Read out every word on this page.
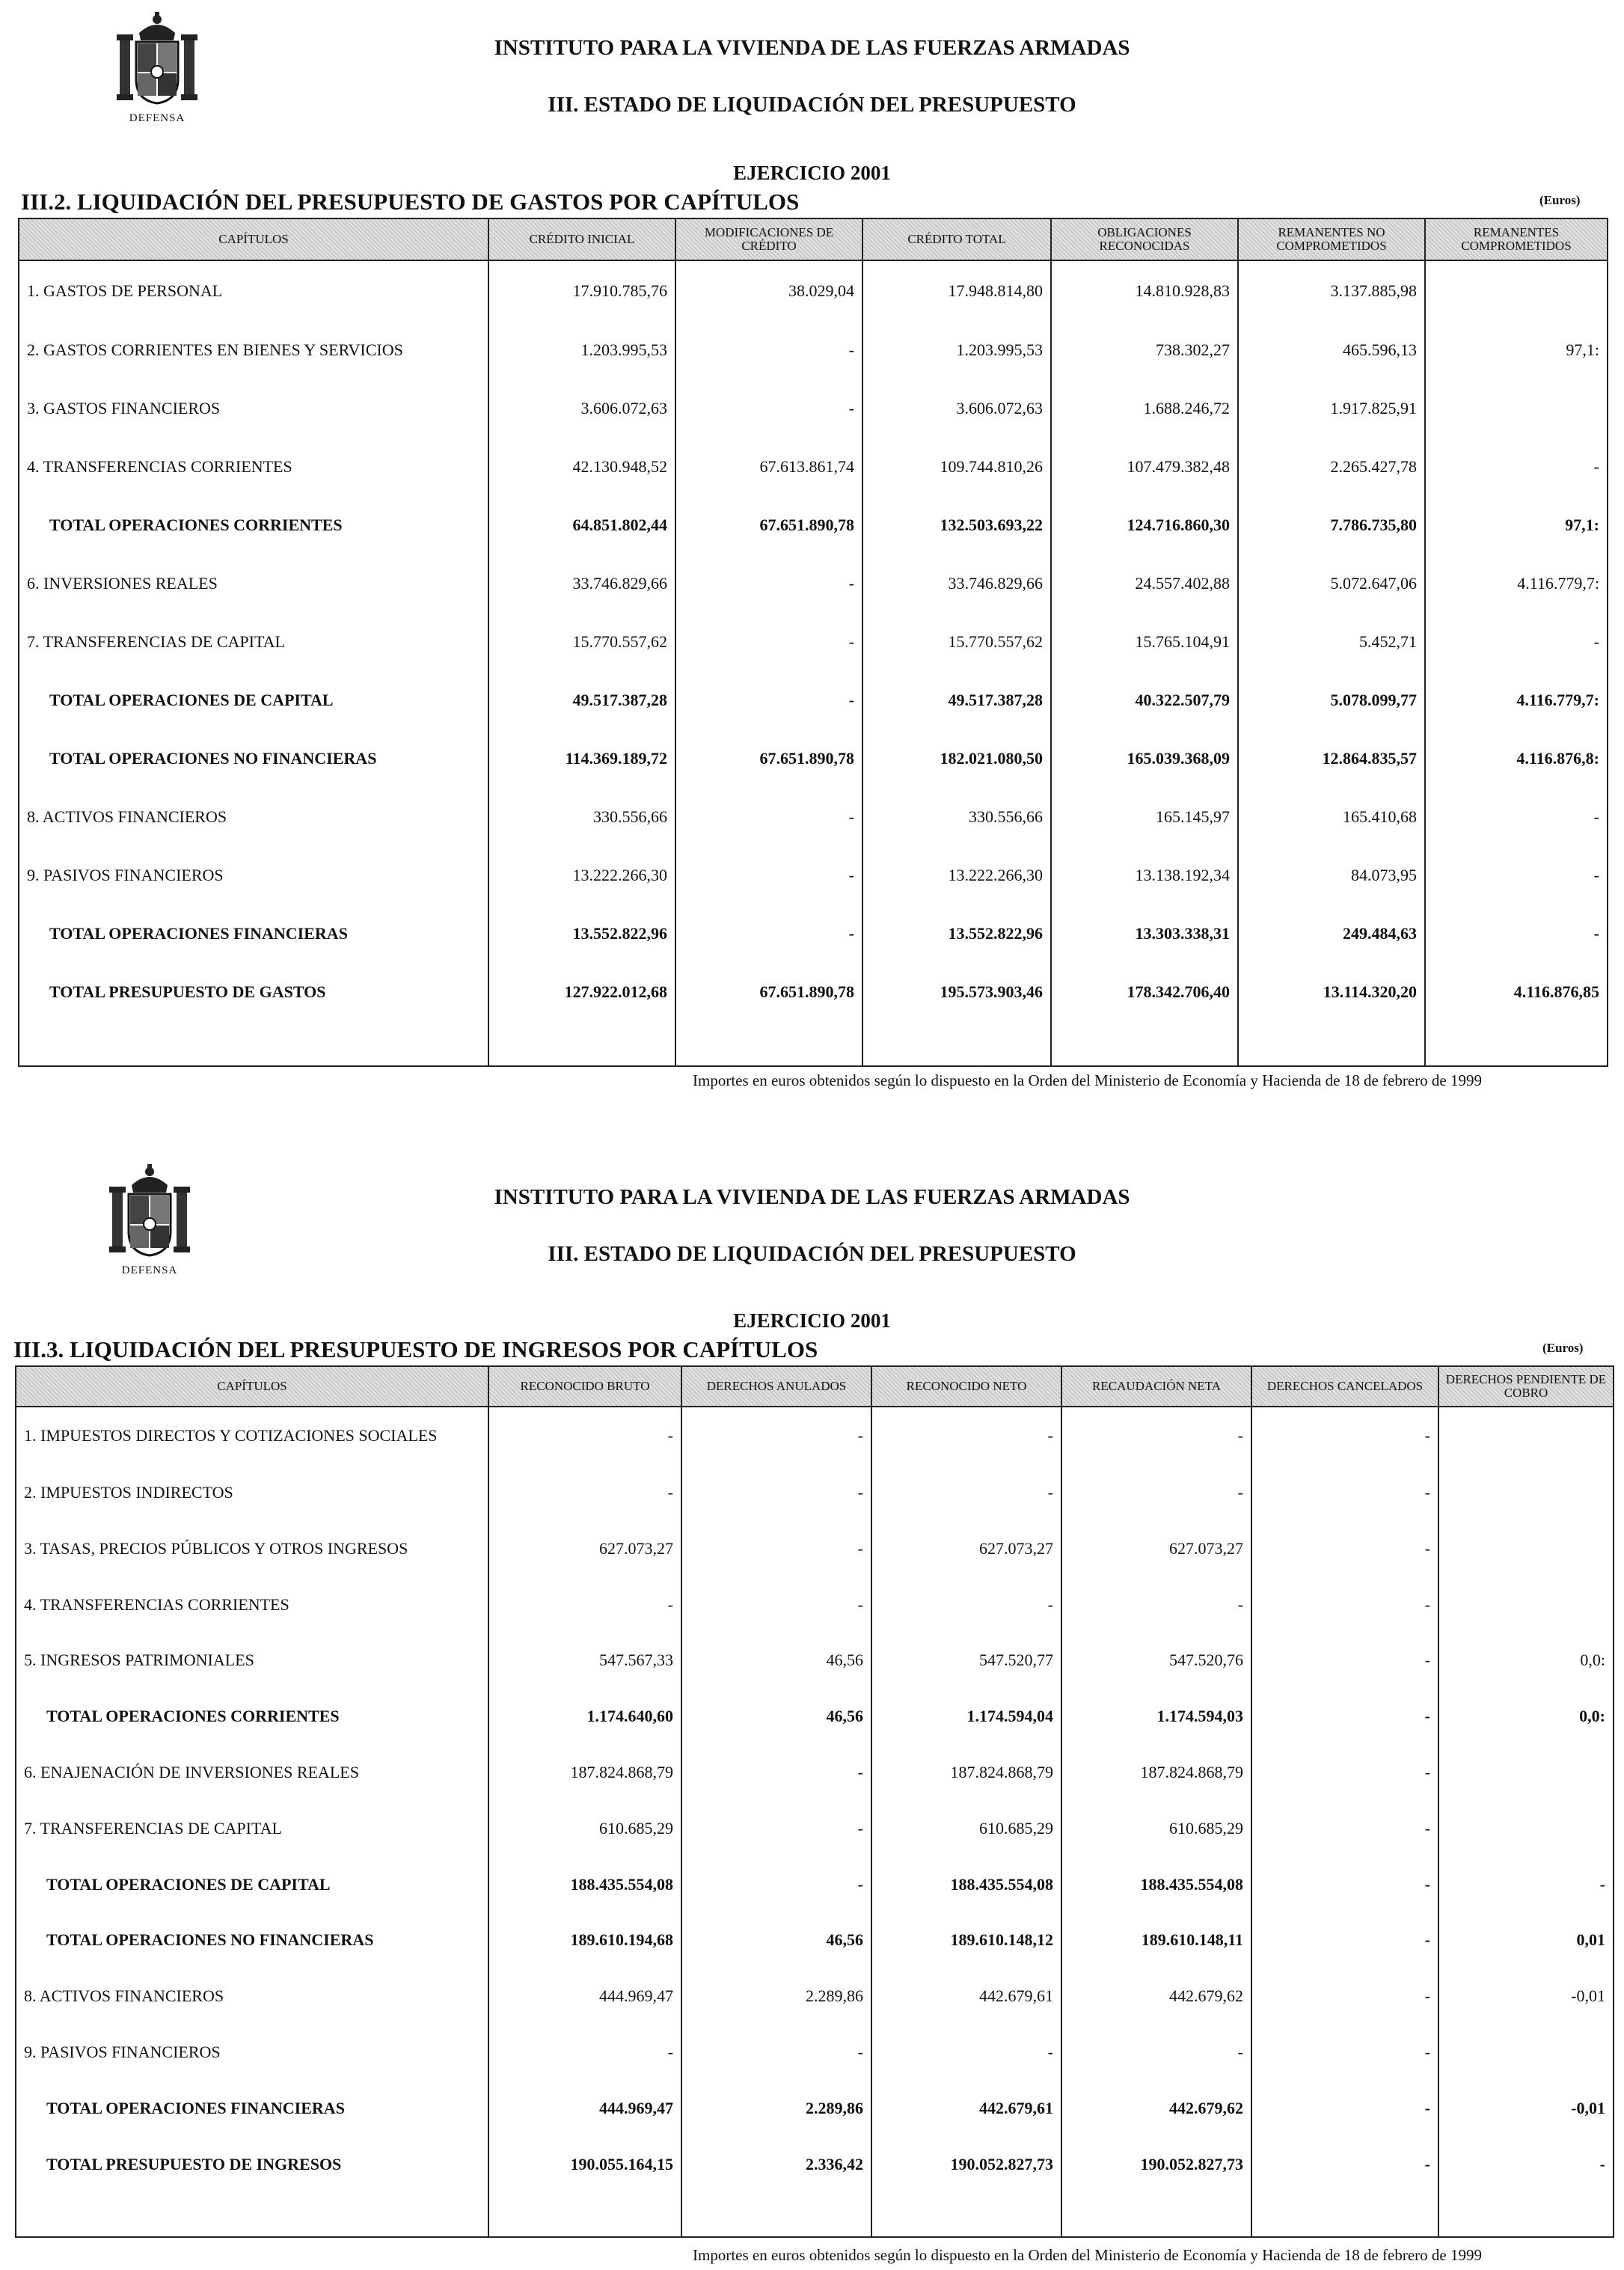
DEFENSA
INSTITUTO PARA LA VIVIENDA DE LAS FUERZAS ARMADAS
III. ESTADO DE LIQUIDACIÓN DEL PRESUPUESTO
EJERCICIO 2001
III.2. LIQUIDACIÓN DEL PRESUPUESTO DE GASTOS POR CAPÍTULOS	(Euros)
CAPÍTULOS	CRÉDITO INICIAL	MODIFICACIONES DE CRÉDITO	CRÉDITO TOTAL	OBLIGACIONES RECONOCIDAS	REMANENTES NO COMPROMETIDOS	REMANENTES COMPROMETIDOS
1. GASTOS DE PERSONAL	17.910.785,76	38.029,04	17.948.814,80	14.810.928,83	3.137.885,98	
2. GASTOS CORRIENTES EN BIENES Y SERVICIOS	1.203.995,53	-	1.203.995,53	738.302,27	465.596,13	97,1:
3. GASTOS FINANCIEROS	3.606.072,63	-	3.606.072,63	1.688.246,72	1.917.825,91	
4. TRANSFERENCIAS CORRIENTES	42.130.948,52	67.613.861,74	109.744.810,26	107.479.382,48	2.265.427,78	-
TOTAL OPERACIONES CORRIENTES	64.851.802,44	67.651.890,78	132.503.693,22	124.716.860,30	7.786.735,80	97,1:
6. INVERSIONES REALES	33.746.829,66	-	33.746.829,66	24.557.402,88	5.072.647,06	4.116.779,7:
7. TRANSFERENCIAS DE CAPITAL	15.770.557,62	-	15.770.557,62	15.765.104,91	5.452,71	-
TOTAL OPERACIONES DE CAPITAL	49.517.387,28	-	49.517.387,28	40.322.507,79	5.078.099,77	4.116.779,7:
TOTAL OPERACIONES NO FINANCIERAS	114.369.189,72	67.651.890,78	182.021.080,50	165.039.368,09	12.864.835,57	4.116.876,8:
8. ACTIVOS FINANCIEROS	330.556,66	-	330.556,66	165.145,97	165.410,68	-
9. PASIVOS FINANCIEROS	13.222.266,30	-	13.222.266,30	13.138.192,34	84.073,95	-
TOTAL OPERACIONES FINANCIERAS	13.552.822,96	-	13.552.822,96	13.303.338,31	249.484,63	-
TOTAL PRESUPUESTO DE GASTOS	127.922.012,68	67.651.890,78	195.573.903,46	178.342.706,40	13.114.320,20	4.116.876,85

Importes en euros obtenidos según lo dispuesto en la Orden del Ministerio de Economía y Hacienda de 18 de febrero de 1999
DEFENSA
INSTITUTO PARA LA VIVIENDA DE LAS FUERZAS ARMADAS
III. ESTADO DE LIQUIDACIÓN DEL PRESUPUESTO
EJERCICIO 2001
III.3. LIQUIDACIÓN DEL PRESUPUESTO DE INGRESOS POR CAPÍTULOS	(Euros)
CAPÍTULOS	RECONOCIDO BRUTO	DERECHOS ANULADOS	RECONOCIDO NETO	RECAUDACIÓN NETA	DERECHOS CANCELADOS	DERECHOS PENDIENTE DE COBRO
1. IMPUESTOS DIRECTOS Y COTIZACIONES SOCIALES	-	-	-	-	-	
2. IMPUESTOS INDIRECTOS	-	-	-	-	-	
3. TASAS, PRECIOS PÚBLICOS Y OTROS INGRESOS	627.073,27	-	627.073,27	627.073,27	-	
4. TRANSFERENCIAS CORRIENTES	-	-	-	-	-	
5. INGRESOS PATRIMONIALES	547.567,33	46,56	547.520,77	547.520,76	-	0,0:
TOTAL OPERACIONES CORRIENTES	1.174.640,60	46,56	1.174.594,04	1.174.594,03	-	0,0:
6. ENAJENACIÓN DE INVERSIONES REALES	187.824.868,79	-	187.824.868,79	187.824.868,79	-	
7. TRANSFERENCIAS DE CAPITAL	610.685,29	-	610.685,29	610.685,29	-	
TOTAL OPERACIONES DE CAPITAL	188.435.554,08	-	188.435.554,08	188.435.554,08	-	-
TOTAL OPERACIONES NO FINANCIERAS	189.610.194,68	46,56	189.610.148,12	189.610.148,11	-	0,01
8. ACTIVOS FINANCIEROS	444.969,47	2.289,86	442.679,61	442.679,62	-	-0,01
9. PASIVOS FINANCIEROS	-	-	-	-	-	
TOTAL OPERACIONES FINANCIERAS	444.969,47	2.289,86	442.679,61	442.679,62	-	-0,01
TOTAL PRESUPUESTO DE INGRESOS	190.055.164,15	2.336,42	190.052.827,73	190.052.827,73	-	-

Importes en euros obtenidos según lo dispuesto en la Orden del Ministerio de Economía y Hacienda de 18 de febrero de 1999
